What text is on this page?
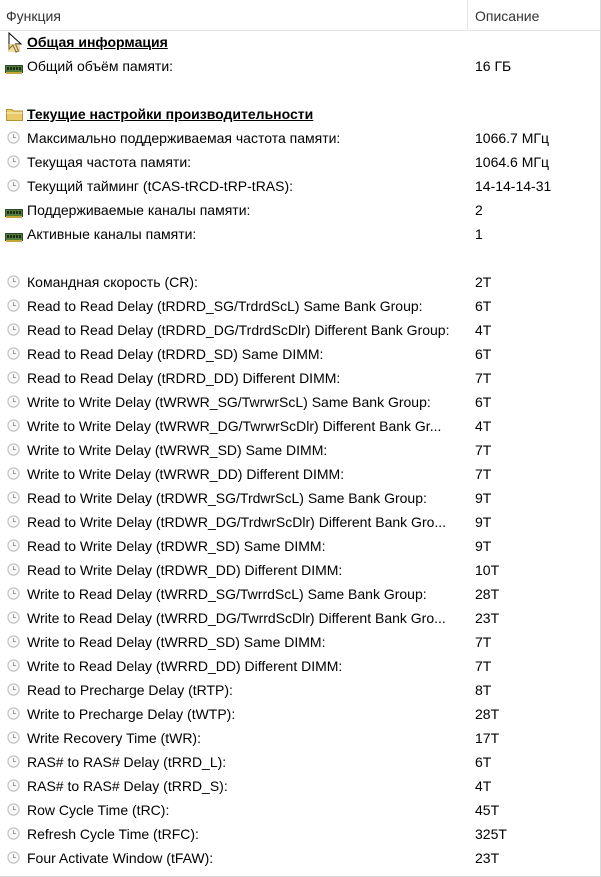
Функция	Описание
Общая информация
Общий объём памяти:	16 ГБ
Текущие настройки производительности
Максимально поддерживаемая частота памяти:	1066.7 МГц
Текущая частота памяти:	1064.6 МГц
Текущий тайминг (tCAS-tRCD-tRP-tRAS):	14-14-14-31
Поддерживаемые каналы памяти:	2
Активные каналы памяти:	1
Командная скорость (CR):	2T
Read to Read Delay (tRDRD_SG/TrdrdScL) Same Bank Group:	6T
Read to Read Delay (tRDRD_DG/TrdrdScDlr) Different Bank Group:	4T
Read to Read Delay (tRDRD_SD) Same DIMM:	6T
Read to Read Delay (tRDRD_DD) Different DIMM:	7T
Write to Write Delay (tWRWR_SG/TwrwrScL) Same Bank Group:	6T
Write to Write Delay (tWRWR_DG/TwrwrScDlr) Different Bank Gr...	4T
Write to Write Delay (tWRWR_SD) Same DIMM:	7T
Write to Write Delay (tWRWR_DD) Different DIMM:	7T
Read to Write Delay (tRDWR_SG/TrdwrScL) Same Bank Group:	9T
Read to Write Delay (tRDWR_DG/TrdwrScDlr) Different Bank Gro...	9T
Read to Write Delay (tRDWR_SD) Same DIMM:	9T
Read to Write Delay (tRDWR_DD) Different DIMM:	10T
Write to Read Delay (tWRRD_SG/TwrrdScL) Same Bank Group:	28T
Write to Read Delay (tWRRD_DG/TwrrdScDlr) Different Bank Gro...	23T
Write to Read Delay (tWRRD_SD) Same DIMM:	7T
Write to Read Delay (tWRRD_DD) Different DIMM:	7T
Read to Precharge Delay (tRTP):	8T
Write to Precharge Delay (tWTP):	28T
Write Recovery Time (tWR):	17T
RAS# to RAS# Delay (tRRD_L):	6T
RAS# to RAS# Delay (tRRD_S):	4T
Row Cycle Time (tRC):	45T
Refresh Cycle Time (tRFC):	325T
Four Activate Window (tFAW):	23T
